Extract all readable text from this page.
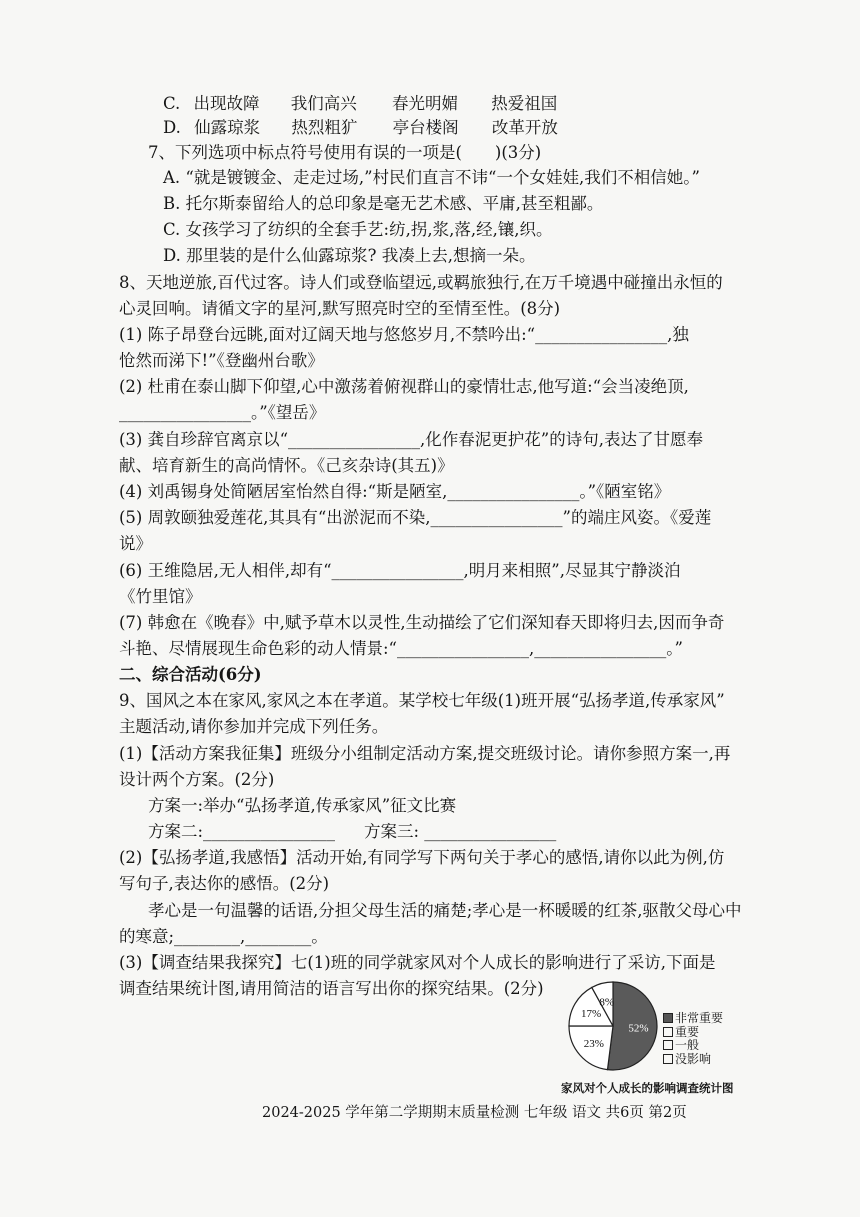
C. 出现故障 我们高兴 春光明媚 热爱祖国
D. 仙露琼浆 热烈粗犷 亭台楼阁 改革开放
7、下列选项中标点符号使用有误的一项是(　　)(3分)
A. “就是镀镀金、走走过场,”村民们直言不讳“一个女娃娃,我们不相信她。”
B. 托尔斯泰留给人的总印象是毫无艺术感、平庸,甚至粗鄙。
C. 女孩学习了纺织的全套手艺:纺,拐,浆,落,经,镶,织。
D. 那里装的是什么仙露琼浆? 我凑上去,想摘一朵。
8、天地逆旅,百代过客。诗人们或登临望远,或羁旅独行,在万千境遇中碰撞出永恒的
心灵回响。请循文字的星河,默写照亮时空的至情至性。(8分)
(1) 陈子昂登台远眺,面对辽阔天地与悠悠岁月,不禁吟出:“________________,独
怆然而涕下!”《登幽州台歌》
(2) 杜甫在泰山脚下仰望,心中激荡着俯视群山的豪情壮志,他写道:“会当凌绝顶,
________________。”《望岳》
(3) 龚自珍辞官离京以“________________,化作春泥更护花”的诗句,表达了甘愿奉
献、培育新生的高尚情怀。《己亥杂诗(其五)》
(4) 刘禹锡身处简陋居室怡然自得:“斯是陋室,________________。”《陋室铭》
(5) 周敦颐独爱莲花,其具有“出淤泥而不染,________________”的端庄风姿。《爱莲
说》
(6) 王维隐居,无人相伴,却有“________________,明月来相照”,尽显其宁静淡泊
《竹里馆》
(7) 韩愈在《晚春》中,赋予草木以灵性,生动描绘了它们深知春天即将归去,因而争奇
斗艳、尽情展现生命色彩的动人情景:“________________,________________。”
二、综合活动(6分)
9、国风之本在家风,家风之本在孝道。某学校七年级(1)班开展“弘扬孝道,传承家风”
主题活动,请你参加并完成下列任务。
(1)【活动方案我征集】班级分小组制定活动方案,提交班级讨论。请你参照方案一,再
设计两个方案。(2分)
方案一:举办“弘扬孝道,传承家风”征文比赛
方案二:________________ 方案三: ________________
(2)【弘扬孝道,我感悟】活动开始,有同学写下两句关于孝心的感悟,请你以此为例,仿
写句子,表达你的感悟。(2分)
孝心是一句温馨的话语,分担父母生活的痛楚;孝心是一杯暖暖的红茶,驱散父母心中
的寒意;________,________。
(3)【调查结果我探究】七(1)班的同学就家风对个人成长的影响进行了采访,下面是
调查结果统计图,请用简洁的语言写出你的探究结果。(2分)
52%
23%
17%
8%
非常重要
重要
一般
没影响
家风对个人成长的影响调查统计图
2024-2025 学年第二学期期末质量检测 七年级 语文 共6页 第2页
